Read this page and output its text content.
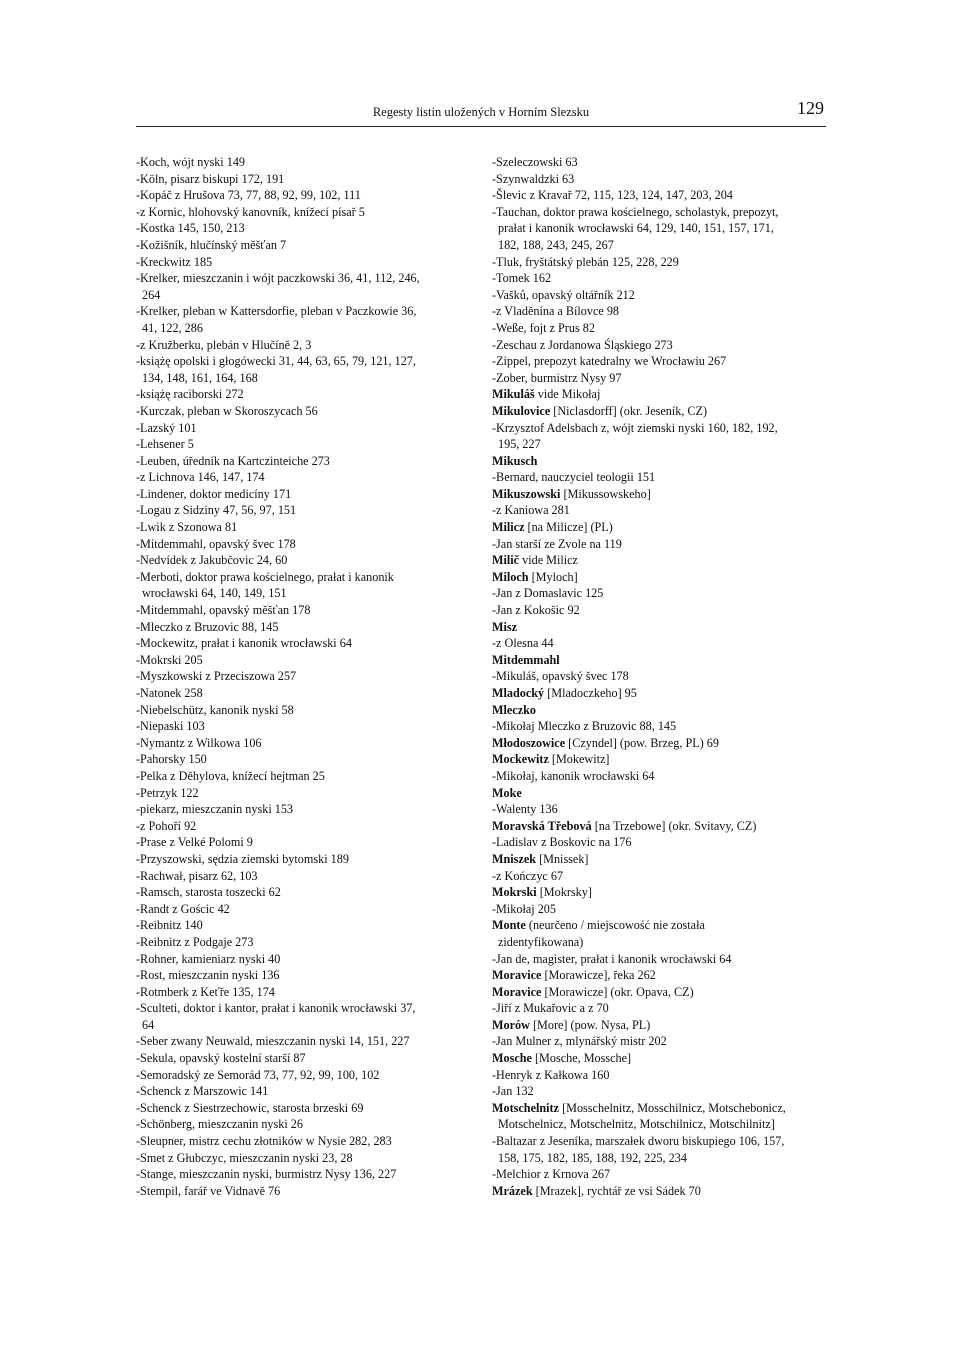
Regesty listin uložených v Horním Slezsku	129
-Koch, wójt nyski 149
-Köln, pisarz biskupi 172, 191
-Kopáč z Hrušova 73, 77, 88, 92, 99, 102, 111
-z Kornic, hlohovský kanovník, knížecí písař 5
-Kostka 145, 150, 213
-Kožišník, hlučínský měšťan 7
-Kreckwitz 185
-Krelker, mieszczanin i wójt paczkowski 36, 41, 112, 246,
264
-Krelker, pleban w Kattersdorfie, pleban v Paczkowie 36,
41, 122, 286
-z Kružberku, plebán v Hlučíně 2, 3
-książę opolski i głogówecki 31, 44, 63, 65, 79, 121, 127,
134, 148, 161, 164, 168
-książę raciborski 272
-Kurczak, pleban w Skoroszycach 56
-Lazský 101
-Lehsener 5
-Leuben, úředník na Kartczinteiche 273
-z Lichnova 146, 147, 174
-Lindener, doktor medicíny 171
-Logau z Sidziny 47, 56, 97, 151
-Lwik z Szonowa 81
-Mitdemmahl, opavský švec 178
-Nedvídek z Jakubčovic 24, 60
-Merboti, doktor prawa kościelnego, prałat i kanonik
wrocławski 64, 140, 149, 151
-Mitdemmahl, opavský měšťan 178
-Mleczko z Bruzovic 88, 145
-Mockewitz, prałat i kanonik wrocławski 64
-Mokrski 205
-Myszkowski z Przeciszowa 257
-Natonek 258
-Niebelschütz, kanonik nyski 58
-Niepaski 103
-Nymantz z Wilkowa 106
-Pahorsky 150
-Pelka z Děhylova, knížecí hejtman 25
-Petrzyk 122
-piekarz, mieszczanin nyski 153
-z Pohoří 92
-Prase z Velké Polomi 9
-Przyszowski, sędzia ziemski bytomski 189
-Rachwał, pisarz 62, 103
-Ramsch, starosta toszecki 62
-Randt z Gościc 42
-Reibnitz 140
-Reibnitz z Podgaje 273
-Rohner, kamieniarz nyski 40
-Rost, mieszczanin nyski 136
-Rotmberk z Keťře 135, 174
-Sculteti, doktor i kantor, prałat i kanonik wrocławski 37,
64
-Seber zwany Neuwald, mieszczanin nyski 14, 151, 227
-Sekula, opavský kostelní starší 87
-Semoradský ze Semorád 73, 77, 92, 99, 100, 102
-Schenck z Marszowic 141
-Schenck z Siestrzechowic, starosta brzeski 69
-Schönberg, mieszczanin nyski 26
-Sleupner, mistrz cechu złotników w Nysie 282, 283
-Smet z Głubczyc, mieszczanin nyski 23, 28
-Stange, mieszczanin nyski, burmistrz Nysy 136, 227
-Stempil, farář ve Vidnavě 76
-Szeleczowski 63
-Szynwaldzki 63
-Šlevic z Kravař 72, 115, 123, 124, 147, 203, 204
-Tauchan, doktor prawa kościelnego, scholastyk, prepozyt,
prałat i kanonik wrocławski 64, 129, 140, 151, 157, 171,
182, 188, 243, 245, 267
-Tluk, fryštátský plebán 125, 228, 229
-Tomek 162
-Vašků, opavský oltářník 212
-z Vladěnína a Bílovce 98
-Weße, fojt z Prus 82
-Zeschau z Jordanowa Śląskiego 273
-Zippel, prepozyt katedralny we Wrocławiu 267
-Zober, burmistrz Nysy 97
Mikuláš vide Mikołaj
Mikulovice [Niclasdorff] (okr. Jeseník, CZ)
-Krzysztof Adelsbach z, wójt ziemski nyski 160, 182, 192,
195, 227
Mikusch
-Bernard, nauczyciel teologii 151
Mikuszowski [Mikussowskeho]
-z Kaniowa 281
Milicz [na Milicze] (PL)
-Jan starší ze Zvole na 119
Milič vide Milicz
Miloch [Myloch]
-Jan z Domaslavic 125
-Jan z Kokošic 92
Misz
-z Olesna 44
Mitdemmahl
-Mikuláš, opavský švec 178
Mladocký [Mladoczkeho] 95
Mleczko
-Mikołaj Mleczko z Bruzovic 88, 145
Młodoszowice [Czyndel] (pow. Brzeg, PL) 69
Mockewitz [Mokewitz]
-Mikołaj, kanonik wrocławski 64
Moke
-Walenty 136
Moravská Třebová [na Trzebowe] (okr. Svitavy, CZ)
-Ladislav z Boskovic na 176
Mniszek [Mnissek]
-z Kończyc 67
Mokrski [Mokrsky]
-Mikołaj 205
Monte (neurčeno / miejscowość nie została
zidentyfikowana)
-Jan de, magister, prałat i kanonik wrocławski 64
Moravice [Morawicze], řeka 262
Moravice [Morawicze] (okr. Opava, CZ)
-Jiří z Mukařovic a z 70
Morów [More] (pow. Nysa, PL)
-Jan Mulner z, mlynářský mistr 202
Mosche [Mosche, Mossche]
-Henryk z Kałkowa 160
-Jan 132
Motschelnitz [Mosschelnitz, Mosschilnicz, Motschebonicz,
Motschelnicz, Motschelnitz, Motschilnicz, Motschilnitz]
-Baltazar z Jeseníka, marszałek dworu biskupiego 106, 157,
158, 175, 182, 185, 188, 192, 225, 234
-Melchior z Krnova 267
Mrázek [Mrazek], rychtář ze vsi Sádek 70
